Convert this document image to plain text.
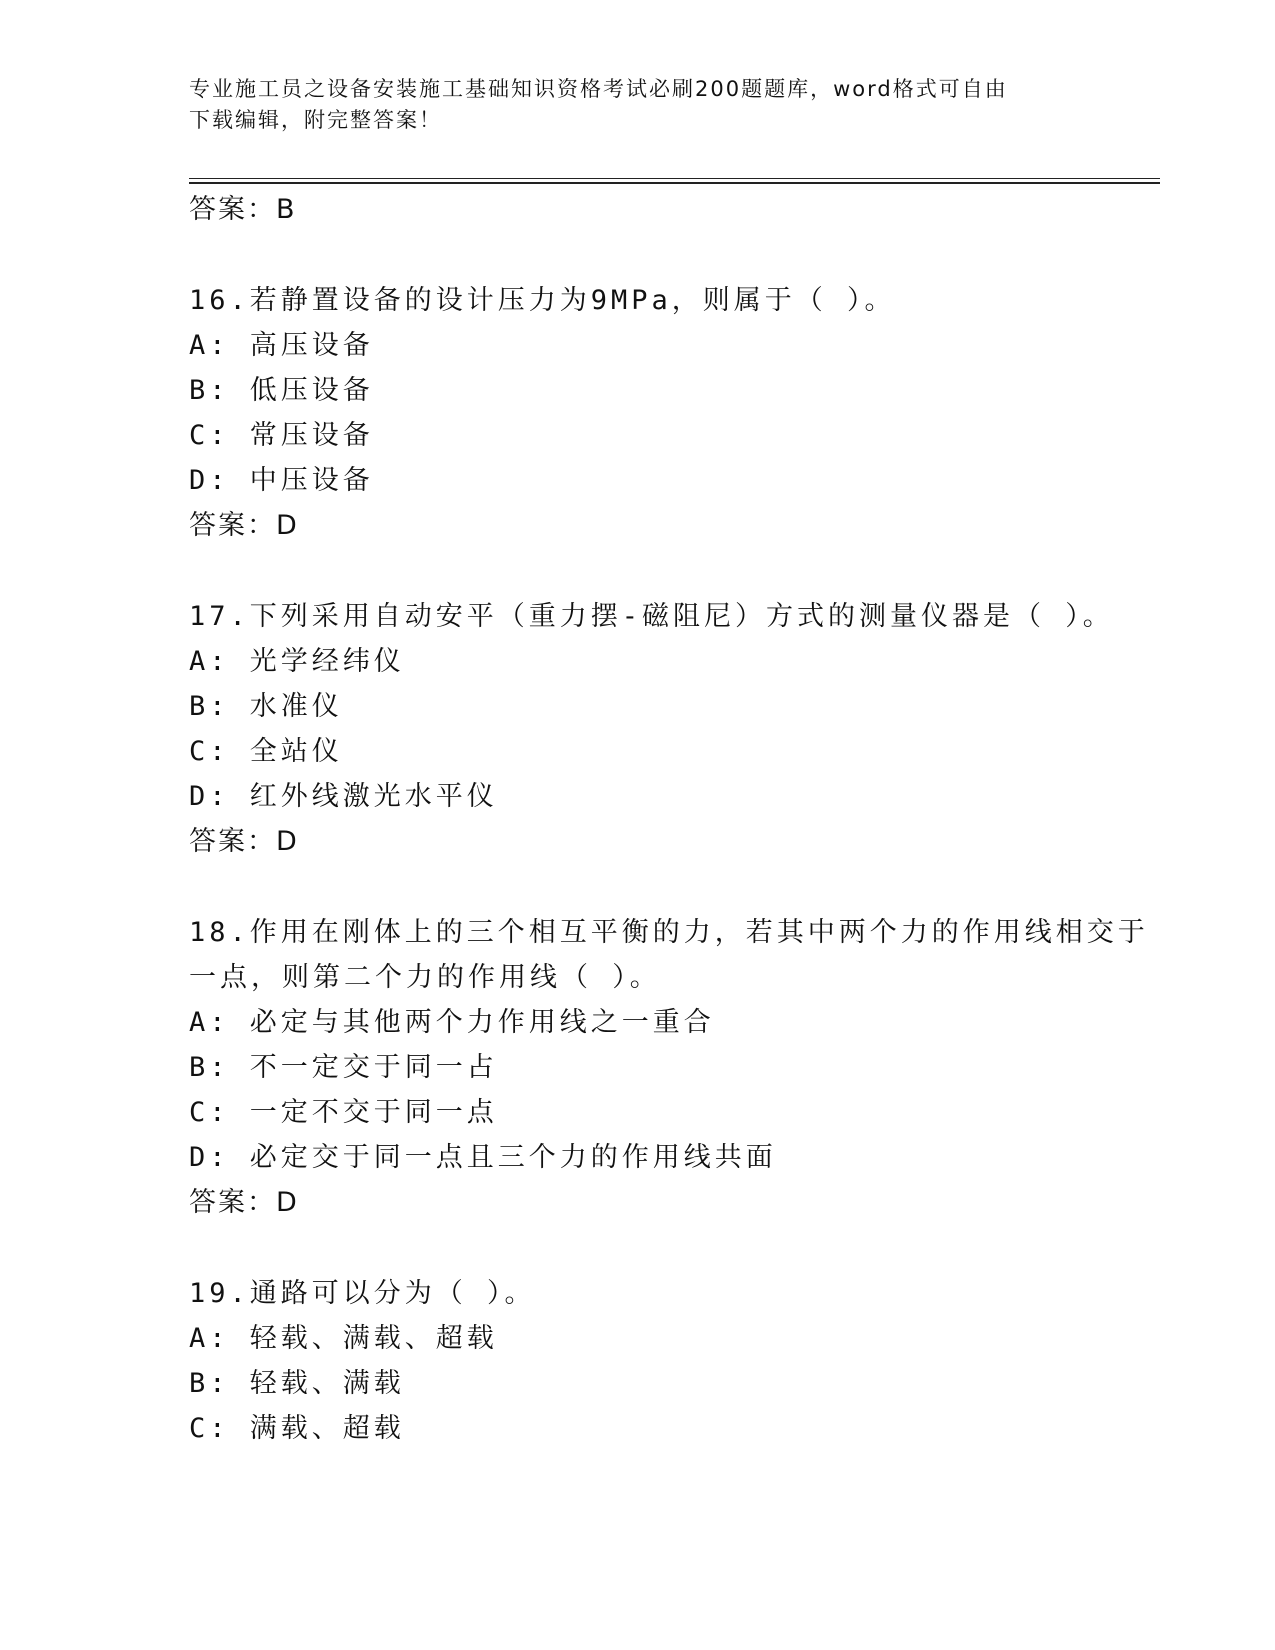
专业施工员之设备安装施工基础知识资格考试必刷200题题库，word格式可自由
下载编辑，附完整答案！
答案：B
16.若静置设备的设计压力为9MPa，则属于（ ）。
A: 高压设备
B: 低压设备
C: 常压设备
D: 中压设备
答案：D
17.下列采用自动安平（重力摆-磁阻尼）方式的测量仪器是（ ）。
A: 光学经纬仪
B: 水准仪
C: 全站仪
D: 红外线激光水平仪
答案：D
18.作用在刚体上的三个相互平衡的力，若其中两个力的作用线相交于
一点，则第二个力的作用线（ ）。
A: 必定与其他两个力作用线之一重合
B: 不一定交于同一占
C: 一定不交于同一点
D: 必定交于同一点且三个力的作用线共面
答案：D
19.通路可以分为（ ）。
A: 轻载、满载、超载
B: 轻载、满载
C: 满载、超载
